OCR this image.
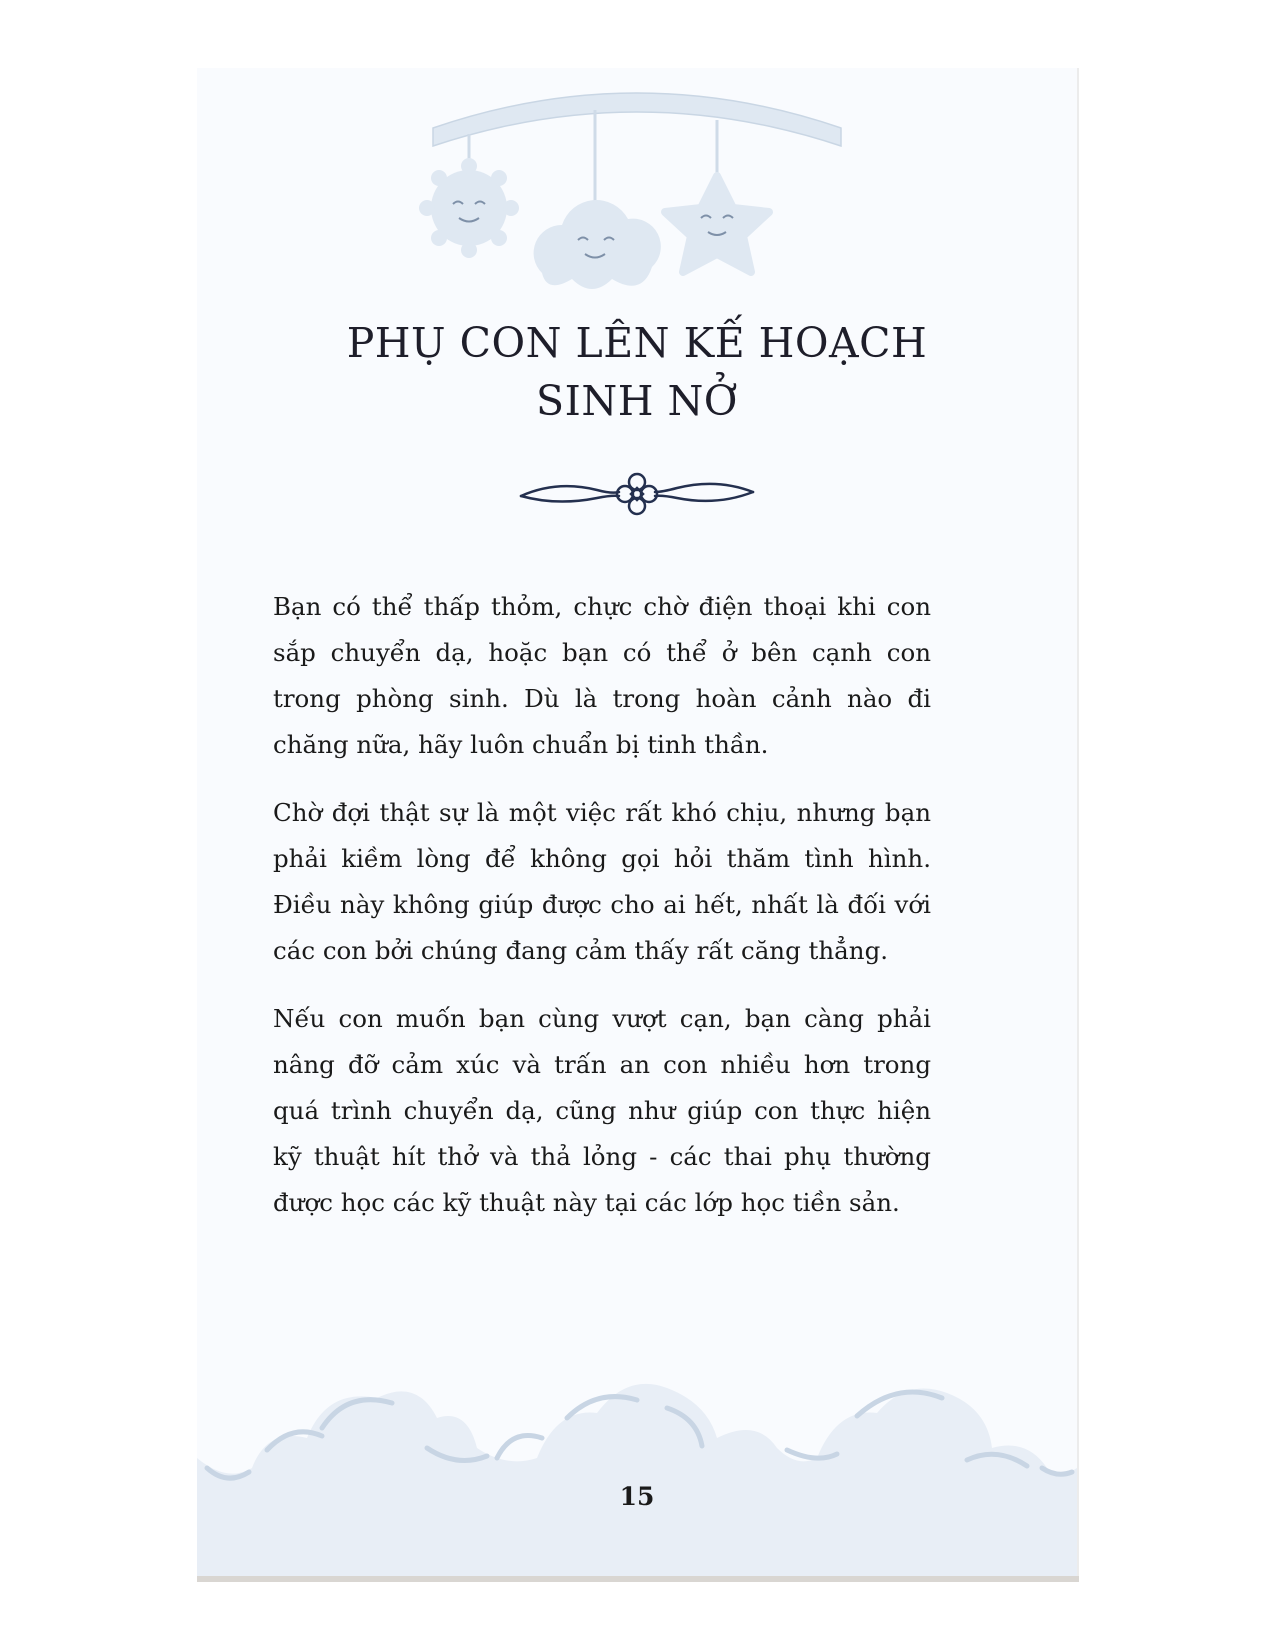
PHỤ CON LÊN KẾ HOẠCH
SINH NỞ

Bạn có thể thấp thỏm, chực chờ điện thoại khi con sắp chuyển dạ, hoặc bạn có thể ở bên cạnh con trong phòng sinh. Dù là trong hoàn cảnh nào đi chăng nữa, hãy luôn chuẩn bị tinh thần.

Chờ đợi thật sự là một việc rất khó chịu, nhưng bạn phải kiềm lòng để không gọi hỏi thăm tình hình. Điều này không giúp được cho ai hết, nhất là đối với các con bởi chúng đang cảm thấy rất căng thẳng.

Nếu con muốn bạn cùng vượt cạn, bạn càng phải nâng đỡ cảm xúc và trấn an con nhiều hơn trong quá trình chuyển dạ, cũng như giúp con thực hiện kỹ thuật hít thở và thả lỏng - các thai phụ thường được học các kỹ thuật này tại các lớp học tiền sản.

15
